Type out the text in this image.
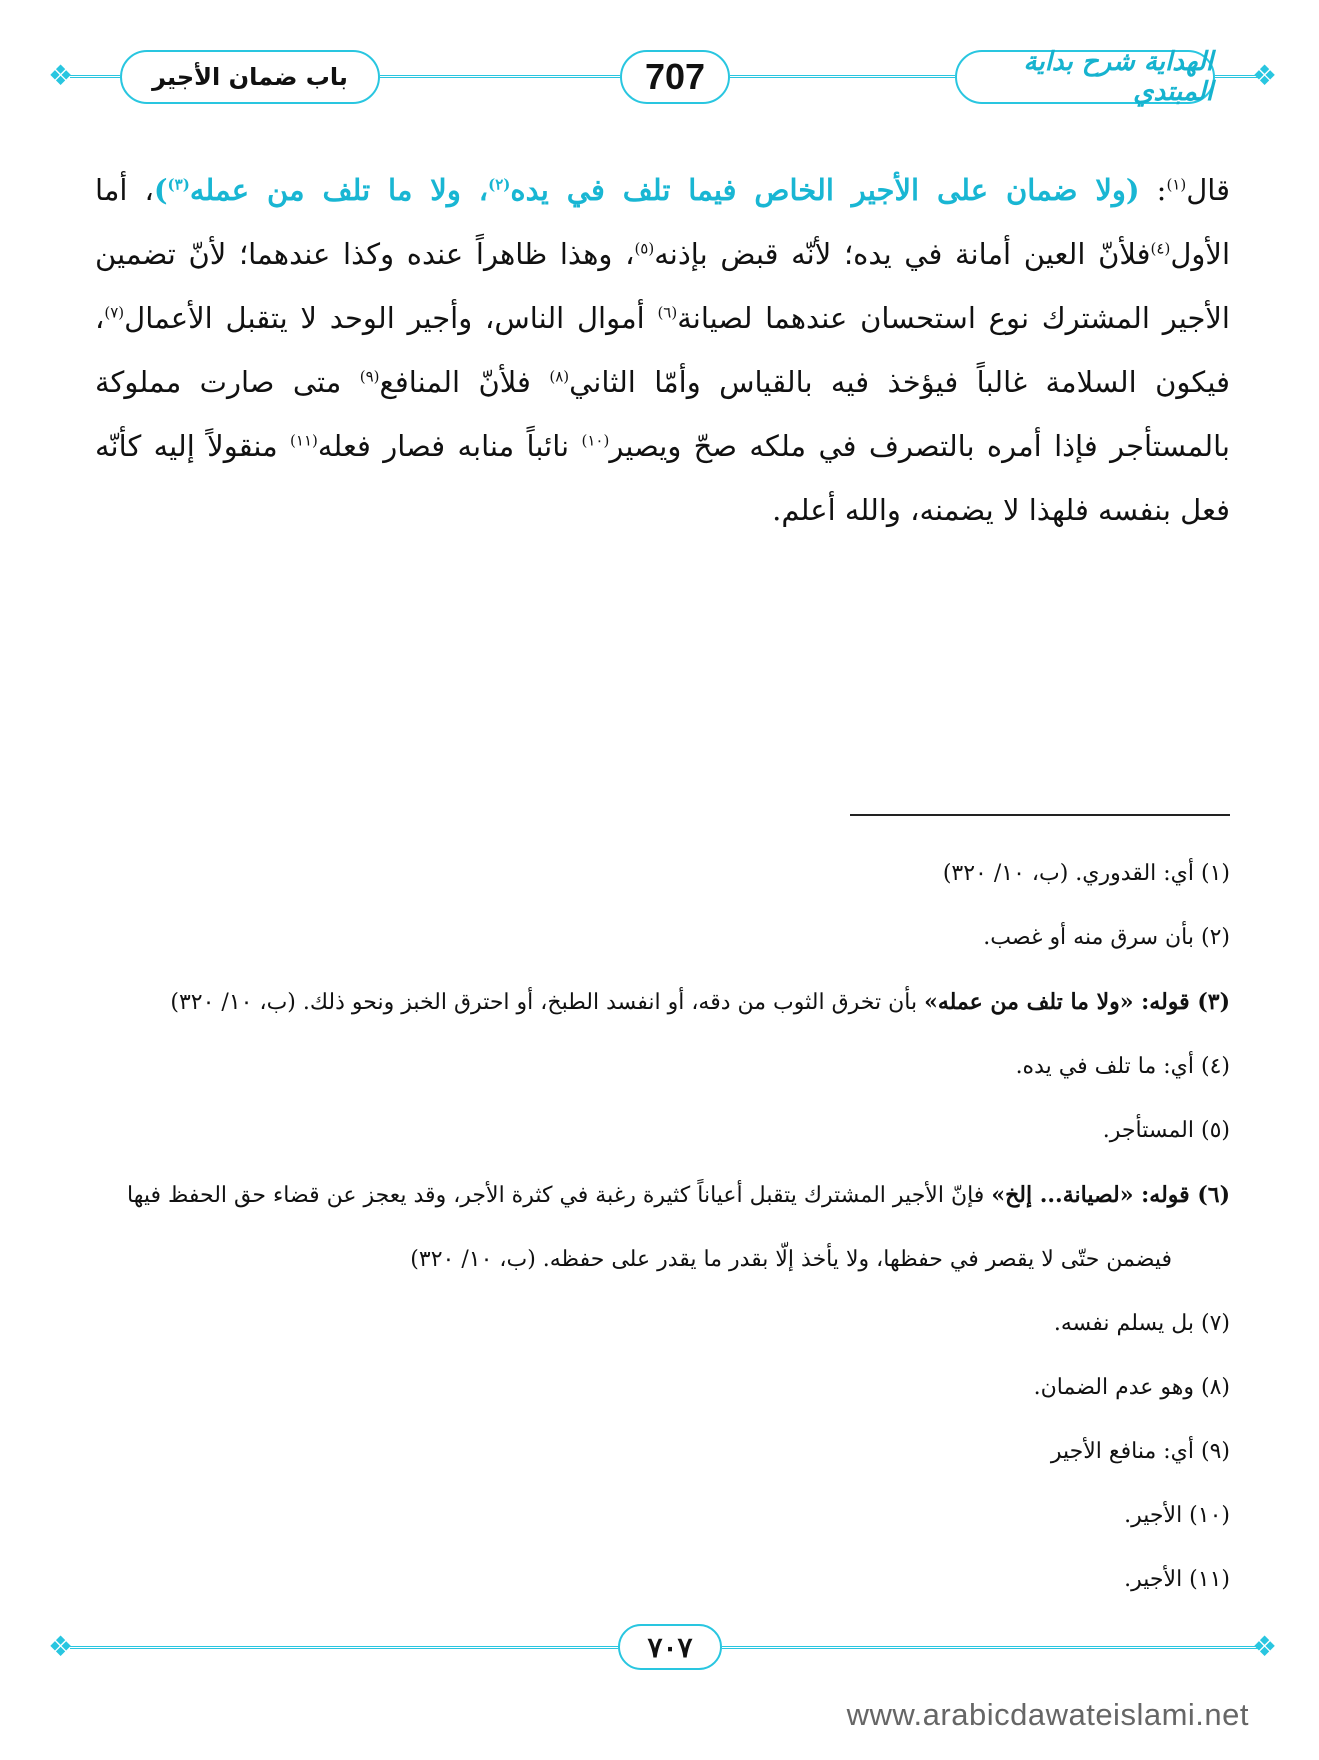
❖	❖
الهداية شرح بداية المبتدي
707
باب ضمان الأجير
قال$^{(١)}$: (ولا ضمان على الأجير الخاص فيما تلف في يده$^{(٢)}$، ولا ما تلف من عمله$^{(٣)}$)، أما الأول$^{(٤)}$فلأنّ العين أمانة في يده؛ لأنّه قبض بإذنه$^{(٥)}$، وهذا ظاهراً عنده وكذا عندهما؛ لأنّ تضمين الأجير المشترك نوع استحسان عندهما لصيانة$^{(٦)}$ أموال الناس، وأجير الوحد لا يتقبل الأعمال$^{(٧)}$، فيكون السلامة غالباً فيؤخذ فيه بالقياس وأمّا الثاني$^{(٨)}$ فلأنّ المنافع$^{(٩)}$ متى صارت مملوكة بالمستأجر فإذا أمره بالتصرف في ملكه صحّ ويصير$^{(١٠)}$ نائباً منابه فصار فعله$^{(١١)}$ منقولاً إليه كأنّه فعل بنفسه فلهذا لا يضمنه، والله أعلم.
(١) أي: القدوري. (ب، ١٠/ ٣٢٠)
(٢) بأن سرق منه أو غصب.
(٣) قوله: «ولا ما تلف من عمله» بأن تخرق الثوب من دقه، أو انفسد الطبخ، أو احترق الخبز ونحو ذلك. (ب، ١٠/ ٣٢٠)
(٤) أي: ما تلف في يده.
(٥) المستأجر.
(٦) قوله: «لصيانة... إلخ» فإنّ الأجير المشترك يتقبل أعياناً كثيرة رغبة في كثرة الأجر، وقد يعجز عن قضاء حق الحفظ فيها
فيضمن حتّى لا يقصر في حفظها، ولا يأخذ إلّا بقدر ما يقدر على حفظه. (ب، ١٠/ ٣٢٠)
(٧) بل يسلم نفسه.
(٨) وهو عدم الضمان.
(٩) أي: منافع الأجير
(١٠) الأجير.
(١١) الأجير.
❖	❖
٧٠٧
www.arabicdawateislami.net
